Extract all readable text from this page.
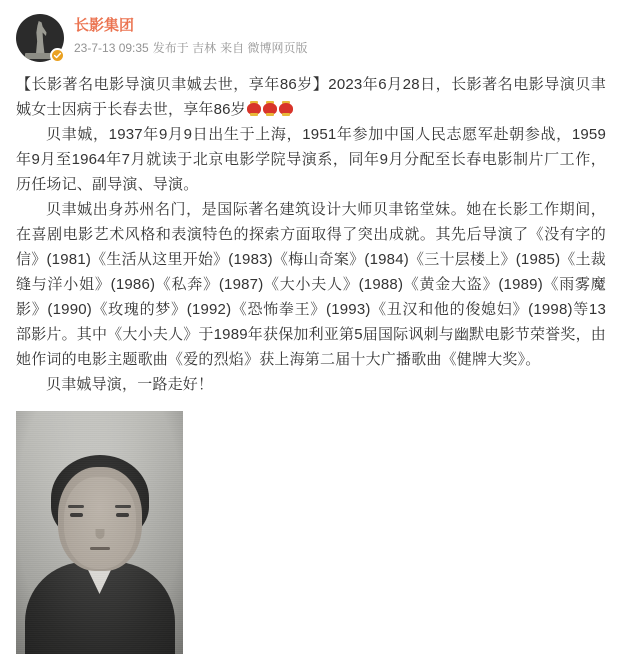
长影集团
23-7-13 09:35 发布于 吉林 来自 微博网页版

【长影著名电影导演贝聿娍去世，享年86岁】2023年6月28日，长影著名电影导演贝聿娍女士因病于长春去世，享年86岁

贝聿娍，1937年9月9日出生于上海，1951年参加中国人民志愿军赴朝参战，1959年9月至1964年7月就读于北京电影学院导演系，同年9月分配至长春电影制片厂工作，历任场记、副导演、导演。

贝聿娍出身苏州名门，是国际著名建筑设计大师贝聿铭堂妹。她在长影工作期间，在喜剧电影艺术风格和表演特色的探索方面取得了突出成就。其先后导演了《没有字的信》(1981)《生活从这里开始》(1983)《梅山奇案》(1984)《三十层楼上》(1985)《土裁缝与洋小姐》(1986)《私奔》(1987)《大小夫人》(1988)《黄金大盗》(1989)《雨雾魔影》(1990)《玫瑰的梦》(1992)《恐怖拳王》(1993)《丑汉和他的俊媳妇》(1998)等13部影片。其中《大小夫人》于1989年获保加利亚第5届国际讽刺与幽默电影节荣誉奖，由她作词的电影主题歌曲《爱的烈焰》获上海第二届十大广播歌曲《健牌大奖》。

贝聿娍导演，一路走好！
